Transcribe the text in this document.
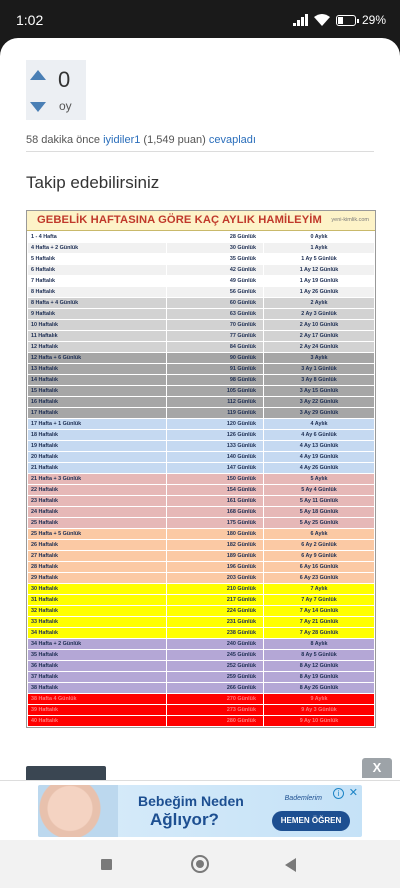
1:02	29%
0
oy
58 dakika önce iyidiler1 (1,549 puan) cevapladı
Takip edebilirsiniz
GEBELİK HAFTASINA GÖRE KAÇ AYLIK HAMİLEYİM yeni-kimlik.com
1 - 4 Hafta	28 Günlük	0 Aylık
4 Hafta + 2 Günlük	30 Günlük	1 Aylık
5 Haftalık	35 Günlük	1 Ay 5 Günlük
6 Haftalık	42 Günlük	1 Ay 12 Günlük
7 Haftalık	49 Günlük	1 Ay 19 Günlük
8 Haftalık	56 Günlük	1 Ay 26 Günlük
8 Hafta + 4 Günlük	60 Günlük	2 Aylık
9 Haftalık	63 Günlük	2 Ay 3 Günlük
10 Haftalık	70 Günlük	2 Ay 10 Günlük
11 Haftalık	77 Günlük	2 Ay 17 Günlük
12 Haftalık	84 Günlük	2 Ay 24 Günlük
12 Hafta + 6 Günlük	90 Günlük	3 Aylık
13 Haftalık	91 Günlük	3 Ay 1 Günlük
14 Haftalık	98 Günlük	3 Ay 8 Günlük
15 Haftalık	105 Günlük	3 Ay 15 Günlük
16 Haftalık	112 Günlük	3 Ay 22 Günlük
17 Haftalık	119 Günlük	3 Ay 29 Günlük
17 Hafta + 1 Günlük	120 Günlük	4 Aylık
18 Haftalık	126 Günlük	4 Ay 6 Günlük
19 Haftalık	133 Günlük	4 Ay 13 Günlük
20 Haftalık	140 Günlük	4 Ay 19 Günlük
21 Haftalık	147 Günlük	4 Ay 26 Günlük
21 Hafta + 3 Günlük	150 Günlük	5 Aylık
22 Haftalık	154 Günlük	5 Ay 4 Günlük
23 Haftalık	161 Günlük	5 Ay 11 Günlük
24 Haftalık	168 Günlük	5 Ay 18 Günlük
25 Haftalık	175 Günlük	5 Ay 25 Günlük
25 Hafta + 5 Günlük	180 Günlük	6 Aylık
26 Haftalık	182 Günlük	6 Ay 2 Günlük
27 Haftalık	189 Günlük	6 Ay 9 Günlük
28 Haftalık	196 Günlük	6 Ay 16 Günlük
29 Haftalık	203 Günlük	6 Ay 23 Günlük
30 Haftalık	210 Günlük	7 Aylık
31 Haftalık	217 Günlük	7 Ay 7 Günlük
32 Haftalık	224 Günlük	7 Ay 14 Günlük
33 Haftalık	231 Günlük	7 Ay 21 Günlük
34 Haftalık	238 Günlük	7 Ay 28 Günlük
34 Hafta + 2 Günlük	240 Günlük	8 Aylık
35 Haftalık	245 Günlük	8 Ay 5 Günlük
36 Haftalık	252 Günlük	8 Ay 12 Günlük
37 Haftalık	259 Günlük	8 Ay 19 Günlük
38 Haftalık	266 Günlük	8 Ay 26 Günlük
38 Hafta 4 Günlük	270 Günlük	9 Aylık
39 Haftalık	273 Günlük	9 Ay 3 Günlük
40 Haftalık	280 Günlük	9 Ay 10 Günlük
X
Bebeğim Neden
Ağlıyor?
Bademlerim
HEMEN ÖĞREN
i ✕
